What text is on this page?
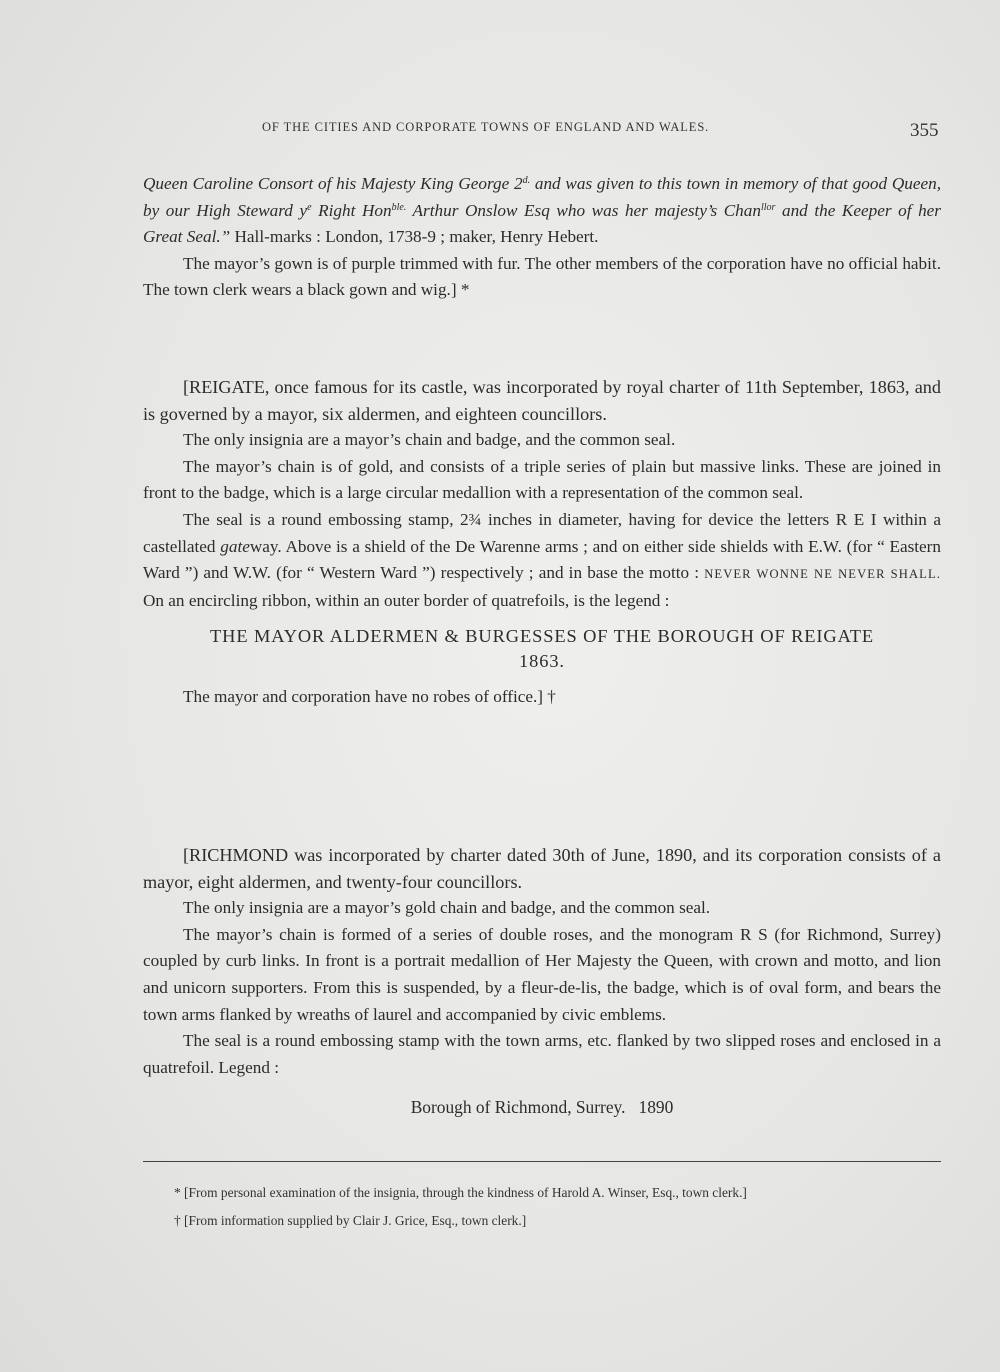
OF THE CITIES AND CORPORATE TOWNS OF ENGLAND AND WALES.	355

Queen Caroline Consort of his Majesty King George $2^{d.}$ and was given to this town in memory of that good Queen, by our High Steward $y^e$ Right Hon$^{ble.}$ Arthur Onslow Esq who was her majesty’s Chan$^{llor}$ and the Keeper of her Great Seal.” Hall-marks : London, 1738-9 ; maker, Henry Hebert.

The mayor’s gown is of purple trimmed with fur. The other members of the corporation have no official habit. The town clerk wears a black gown and wig.] *

[REIGATE, once famous for its castle, was incorporated by royal charter of 11th September, 1863, and is governed by a mayor, six aldermen, and eighteen councillors.

The only insignia are a mayor’s chain and badge, and the common seal.

The mayor’s chain is of gold, and consists of a triple series of plain but massive links. These are joined in front to the badge, which is a large circular medallion with a representation of the common seal.

The seal is a round embossing stamp, 2¾ inches in diameter, having for device the letters R E I within a castellated gateway. Above is a shield of the De Warenne arms ; and on either side shields with E.W. (for “ Eastern Ward ”) and W.W. (for “ Western Ward ”) respectively ; and in base the motto : NEVER WONNE NE NEVER SHALL. On an encircling ribbon, within an outer border of quatrefoils, is the legend :

THE MAYOR ALDERMEN & BURGESSES OF THE BOROUGH OF REIGATE 1863.

The mayor and corporation have no robes of office.] †

[RICHMOND was incorporated by charter dated 30th of June, 1890, and its corporation consists of a mayor, eight aldermen, and twenty-four councillors.

The only insignia are a mayor’s gold chain and badge, and the common seal.

The mayor’s chain is formed of a series of double roses, and the monogram R S (for Richmond, Surrey) coupled by curb links. In front is a portrait medallion of Her Majesty the Queen, with crown and motto, and lion and unicorn supporters. From this is suspended, by a fleur-de-lis, the badge, which is of oval form, and bears the town arms flanked by wreaths of laurel and accompanied by civic emblems.

The seal is a round embossing stamp with the town arms, etc. flanked by two slipped roses and enclosed in a quatrefoil. Legend :

Borough of Richmond, Surrey.   1890

* [From personal examination of the insignia, through the kindness of Harold A. Winser, Esq., town clerk.]

† [From information supplied by Clair J. Grice, Esq., town clerk.]
